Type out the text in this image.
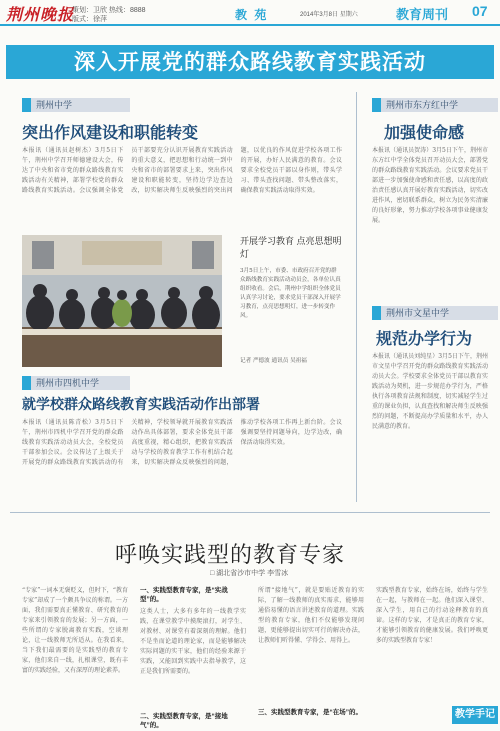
荆州晚报
策划：卫欣 热线：8888
版式：徐萍	教 苑	2014年3月8日 星期六	教育周刊 07
深入开展党的群众路线教育实践活动
荆州中学
突出作风建设和职能转变
本报讯（通讯员赵树杰）3月5日下午，荆州中学召开师德建设大会，传达了中央和省市党的群众路线教育实践活动有关精神，部署学校党的群众路线教育实践活动。会议强调全体党员干部要充分认识开展教育实践活动的重大意义，把思想和行动统一到中央和省市的部署要求上来，突出作风建设和职能转变，坚持边学边查边改，切实解决师生反映强烈的突出问题，以优良的作风促进学校各项工作的开展，办好人民满意的教育。会议要求全校党员干部以身作则，带头学习、带头查找问题、带头整改落实，确保教育实践活动取得实效。
开展学习教育 点亮思想明灯
3月5日上午，市委、市政府召开党的群众路线教育实践活动动员会，各单位认真组织收看。会后，荆州中学组织全体党员认真学习讨论，要求党员干部深入开展学习教育，点亮思想明灯，进一步转变作风。
记者 严德波 通讯员 吴祖福
荆州市四机中学
就学校群众路线教育实践活动作出部署
本报讯（通讯员陈青松）3月5日下午，荆州市四机中学召开党的群众路线教育实践活动动员大会，全校党员干部参加会议。会议传达了上级关于开展党的群众路线教育实践活动的有关精神，学校领导就开展教育实践活动作出具体部署，要求全体党员干部高度重视，精心组织，把教育实践活动与学校的教育教学工作有机结合起来，切实解决群众反映强烈的问题，推动学校各项工作再上新台阶。会议强调要坚持问题导向，边学边改，确保活动取得实效。
荆州市东方红中学
加强使命感
本报讯（通讯员贺涛）3月5日下午，荆州市东方红中学全体党员召开动员大会，部署党的群众路线教育实践活动。会议要求党员干部进一步加强使命感和责任感，以高度的政治责任感认真开展好教育实践活动，切实改进作风，密切联系群众，树立为民务实清廉的良好形象，努力推动学校各项事业健康发展。
荆州市文星中学
规范办学行为
本报讯（通讯员刘纯星）3月5日下午，荆州市文星中学召开党的群众路线教育实践活动动员大会。学校要求全体党员干部以教育实践活动为契机，进一步规范办学行为，严格执行各项教育法规和制度，切实减轻学生过重的课业负担，认真查找和解决师生反映强烈的问题，不断提高办学质量和水平，办人民满意的教育。
呼唤实践型的教育专家
□ 湖北省沙市中学 李雪冰
“专家”一词本无褒贬义，但时下，“教育专家”却成了一个颇具争议的称谓。一方面，我们需要真正懂教育、研究教育的专家来引领教育的发展；另一方面，一些所谓的专家脱离教育实践，空谈理论，让一线教师无所适从。在我看来，当下我们最需要的是实践型的教育专家，他们来自一线，扎根课堂，既有丰富的实践经验，又有深厚的理论素养。
一、实践型教育专家，是“实战型”的。
这类人士，大多有多年的一线教学实践，在课堂教学中摸爬滚打，对学生、对教材、对课堂有着深刻的理解。他们不是坐而论道的理论家，而是能够解决实际问题的实干家，他们的经验来源于实践，又能回到实践中去指导教学，这正是我们所需要的。
二、实践型教育专家，是“接地气”的。
所谓“接地气”，就是要贴近教育的实际，了解一线教师的真实需求，能够用通俗易懂的语言讲述教育的道理。实践型的教育专家，他们不仅能够发现问题，更能够提出切实可行的解决办法，让教师们听得懂、学得会、用得上。
三、实践型教育专家，是“在场”的。
实践型教育专家，始终在场，始终与学生在一起，与教师在一起。他们深入课堂、深入学生，用自己的行动诠释教育的真谛。这样的专家，才是真正的教育专家，才能够引领教育的健康发展。我们呼唤更多的实践型教育专家！
教学手记
